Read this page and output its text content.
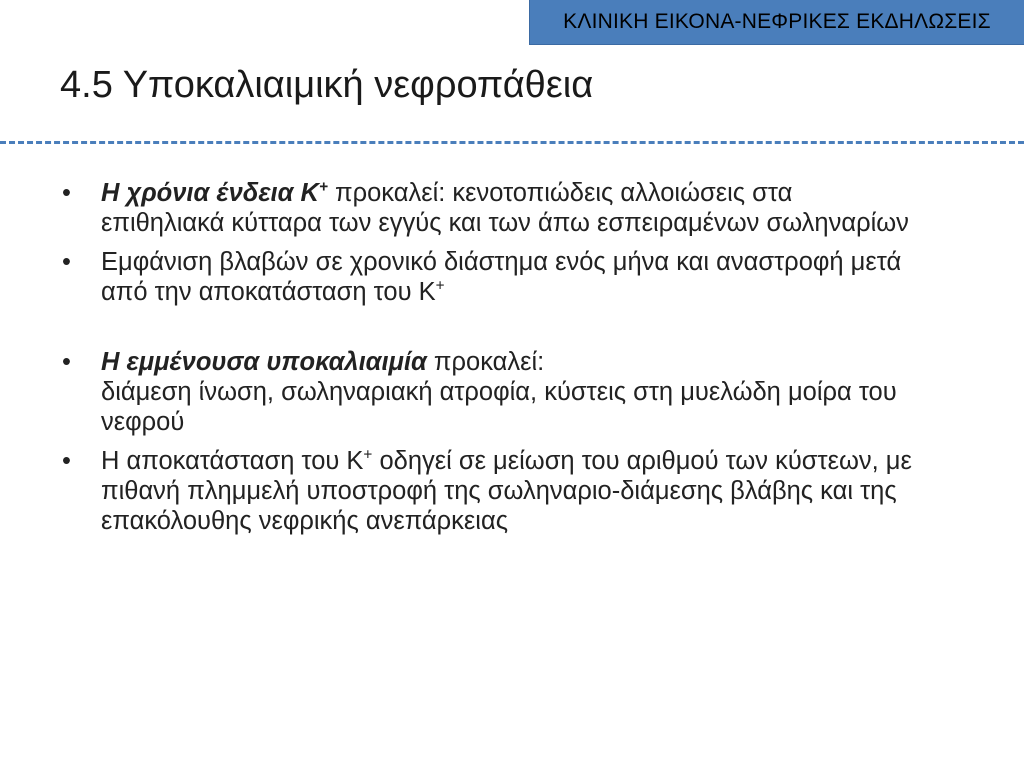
ΚΛΙΝΙΚΗ ΕΙΚΟΝΑ-ΝΕΦΡΙΚΕΣ ΕΚΔΗΛΩΣΕΙΣ
4.5 Υποκαλιαιμική νεφροπάθεια
•	Η χρόνια ένδεια Κ+ προκαλεί: κενοτοπιώδεις αλλοιώσεις στα επιθηλιακά κύτταρα των εγγύς και των άπω εσπειραμένων σωληναρίων
•	Εμφάνιση βλαβών σε χρονικό διάστημα ενός μήνα και αναστροφή μετά από την αποκατάσταση του Κ+
•	Η εμμένουσα υποκαλιαιμία προκαλεί:
διάμεση ίνωση, σωληναριακή ατροφία, κύστεις στη μυελώδη μοίρα του νεφρού
•	Η αποκατάσταση του Κ+ οδηγεί σε μείωση του αριθμού των κύστεων, με πιθανή πλημμελή υποστροφή της σωληναριο-διάμεσης βλάβης και της επακόλουθης νεφρικής ανεπάρκειας
